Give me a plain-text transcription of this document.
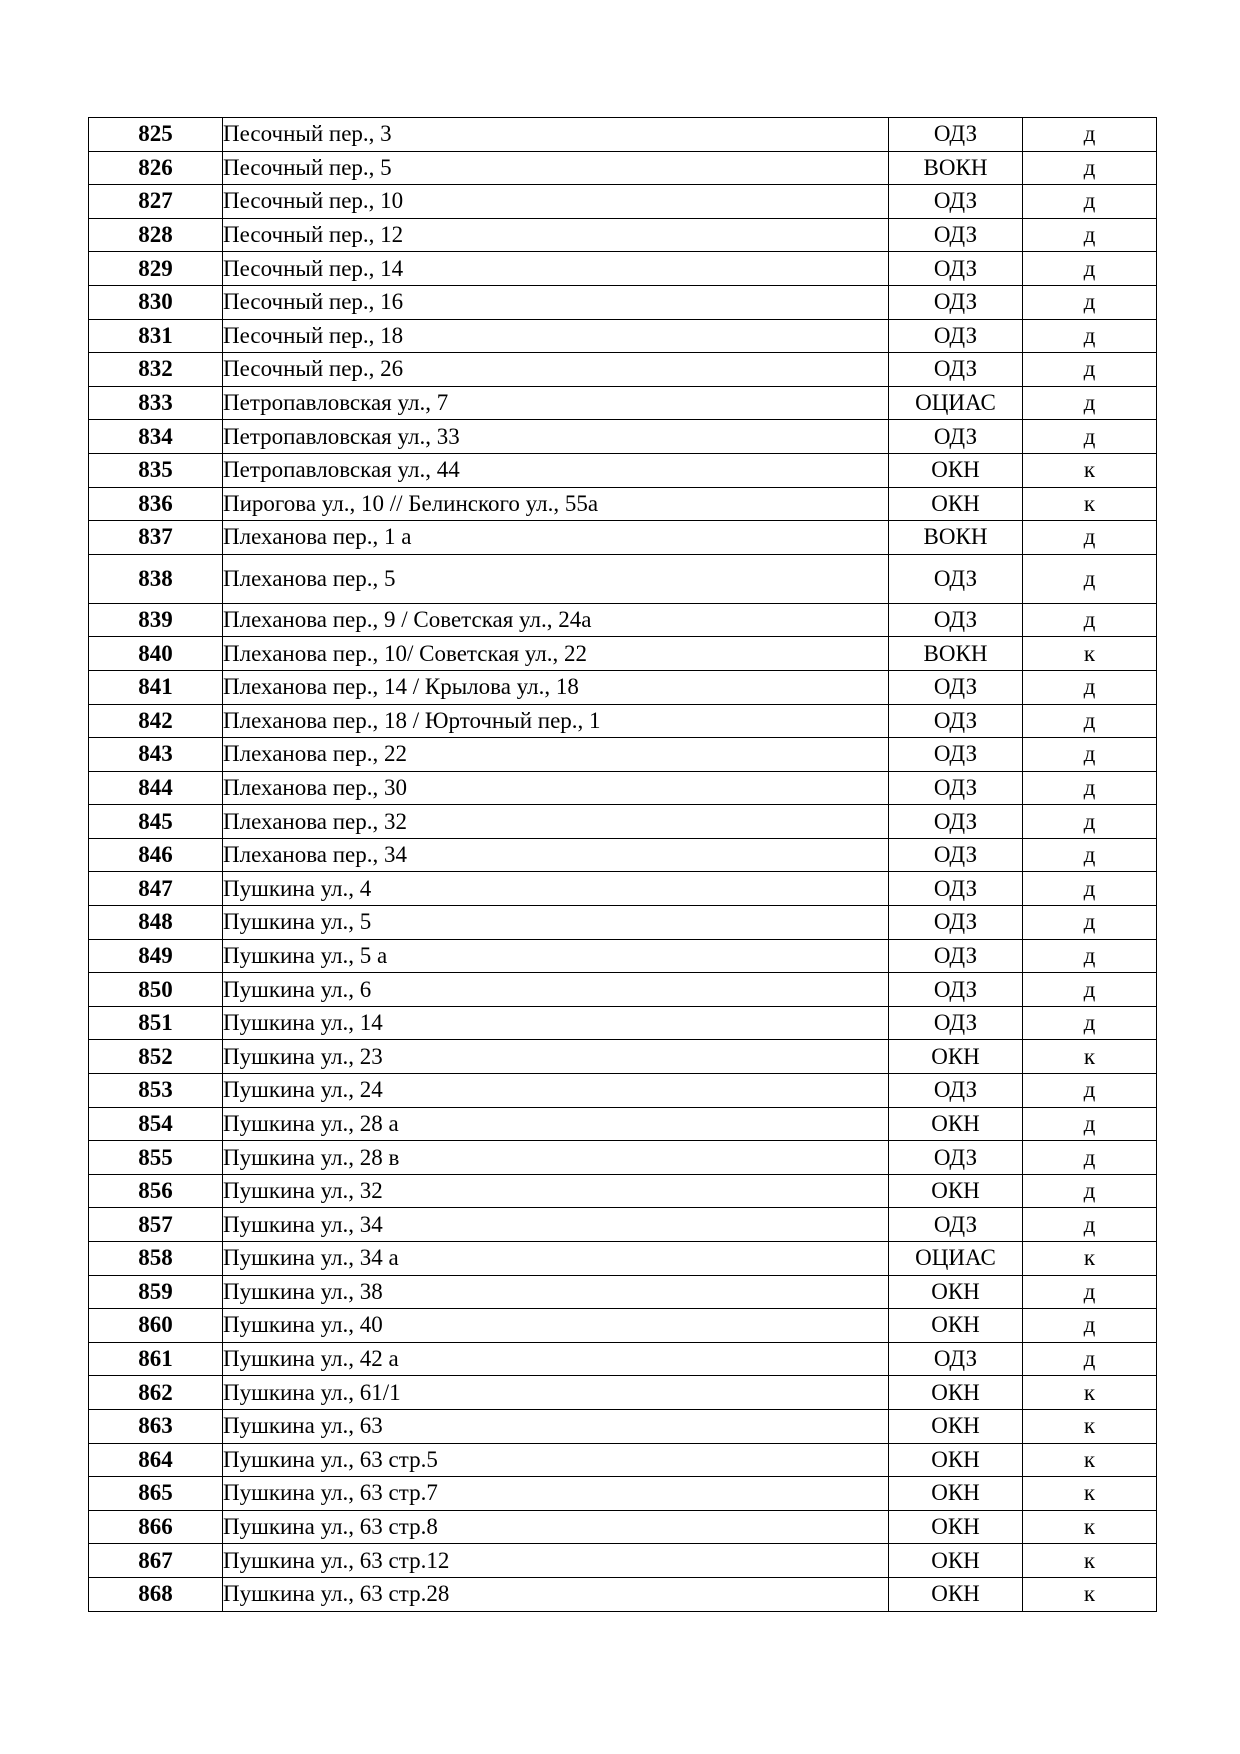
825	Песочный пер., 3	ОДЗ	д
826	Песочный пер., 5	ВОКН	д
827	Песочный пер., 10	ОДЗ	д
828	Песочный пер., 12	ОДЗ	д
829	Песочный пер., 14	ОДЗ	д
830	Песочный пер., 16	ОДЗ	д
831	Песочный пер., 18	ОДЗ	д
832	Песочный пер., 26	ОДЗ	д
833	Петропавловская ул., 7	ОЦИАС	д
834	Петропавловская ул., 33	ОДЗ	д
835	Петропавловская ул., 44	ОКН	к
836	Пирогова ул., 10 // Белинского ул., 55а	ОКН	к
837	Плеханова пер., 1 а	ВОКН	д
838	Плеханова пер., 5	ОДЗ	д
839	Плеханова пер., 9 / Советская ул., 24а	ОДЗ	д
840	Плеханова пер., 10/ Советская ул., 22	ВОКН	к
841	Плеханова пер., 14 / Крылова ул., 18	ОДЗ	д
842	Плеханова пер., 18 / Юрточный пер., 1	ОДЗ	д
843	Плеханова пер., 22	ОДЗ	д
844	Плеханова пер., 30	ОДЗ	д
845	Плеханова пер., 32	ОДЗ	д
846	Плеханова пер., 34	ОДЗ	д
847	Пушкина ул., 4	ОДЗ	д
848	Пушкина ул., 5	ОДЗ	д
849	Пушкина ул., 5 а	ОДЗ	д
850	Пушкина ул., 6	ОДЗ	д
851	Пушкина ул., 14	ОДЗ	д
852	Пушкина ул., 23	ОКН	к
853	Пушкина ул., 24	ОДЗ	д
854	Пушкина ул., 28 а	ОКН	д
855	Пушкина ул., 28 в	ОДЗ	д
856	Пушкина ул., 32	ОКН	д
857	Пушкина ул., 34	ОДЗ	д
858	Пушкина ул., 34 а	ОЦИАС	к
859	Пушкина ул., 38	ОКН	д
860	Пушкина ул., 40	ОКН	д
861	Пушкина ул., 42 а	ОДЗ	д
862	Пушкина ул., 61/1	ОКН	к
863	Пушкина ул., 63	ОКН	к
864	Пушкина ул., 63 стр.5	ОКН	к
865	Пушкина ул., 63 стр.7	ОКН	к
866	Пушкина ул., 63 стр.8	ОКН	к
867	Пушкина ул., 63 стр.12	ОКН	к
868	Пушкина ул., 63 стр.28	ОКН	к
